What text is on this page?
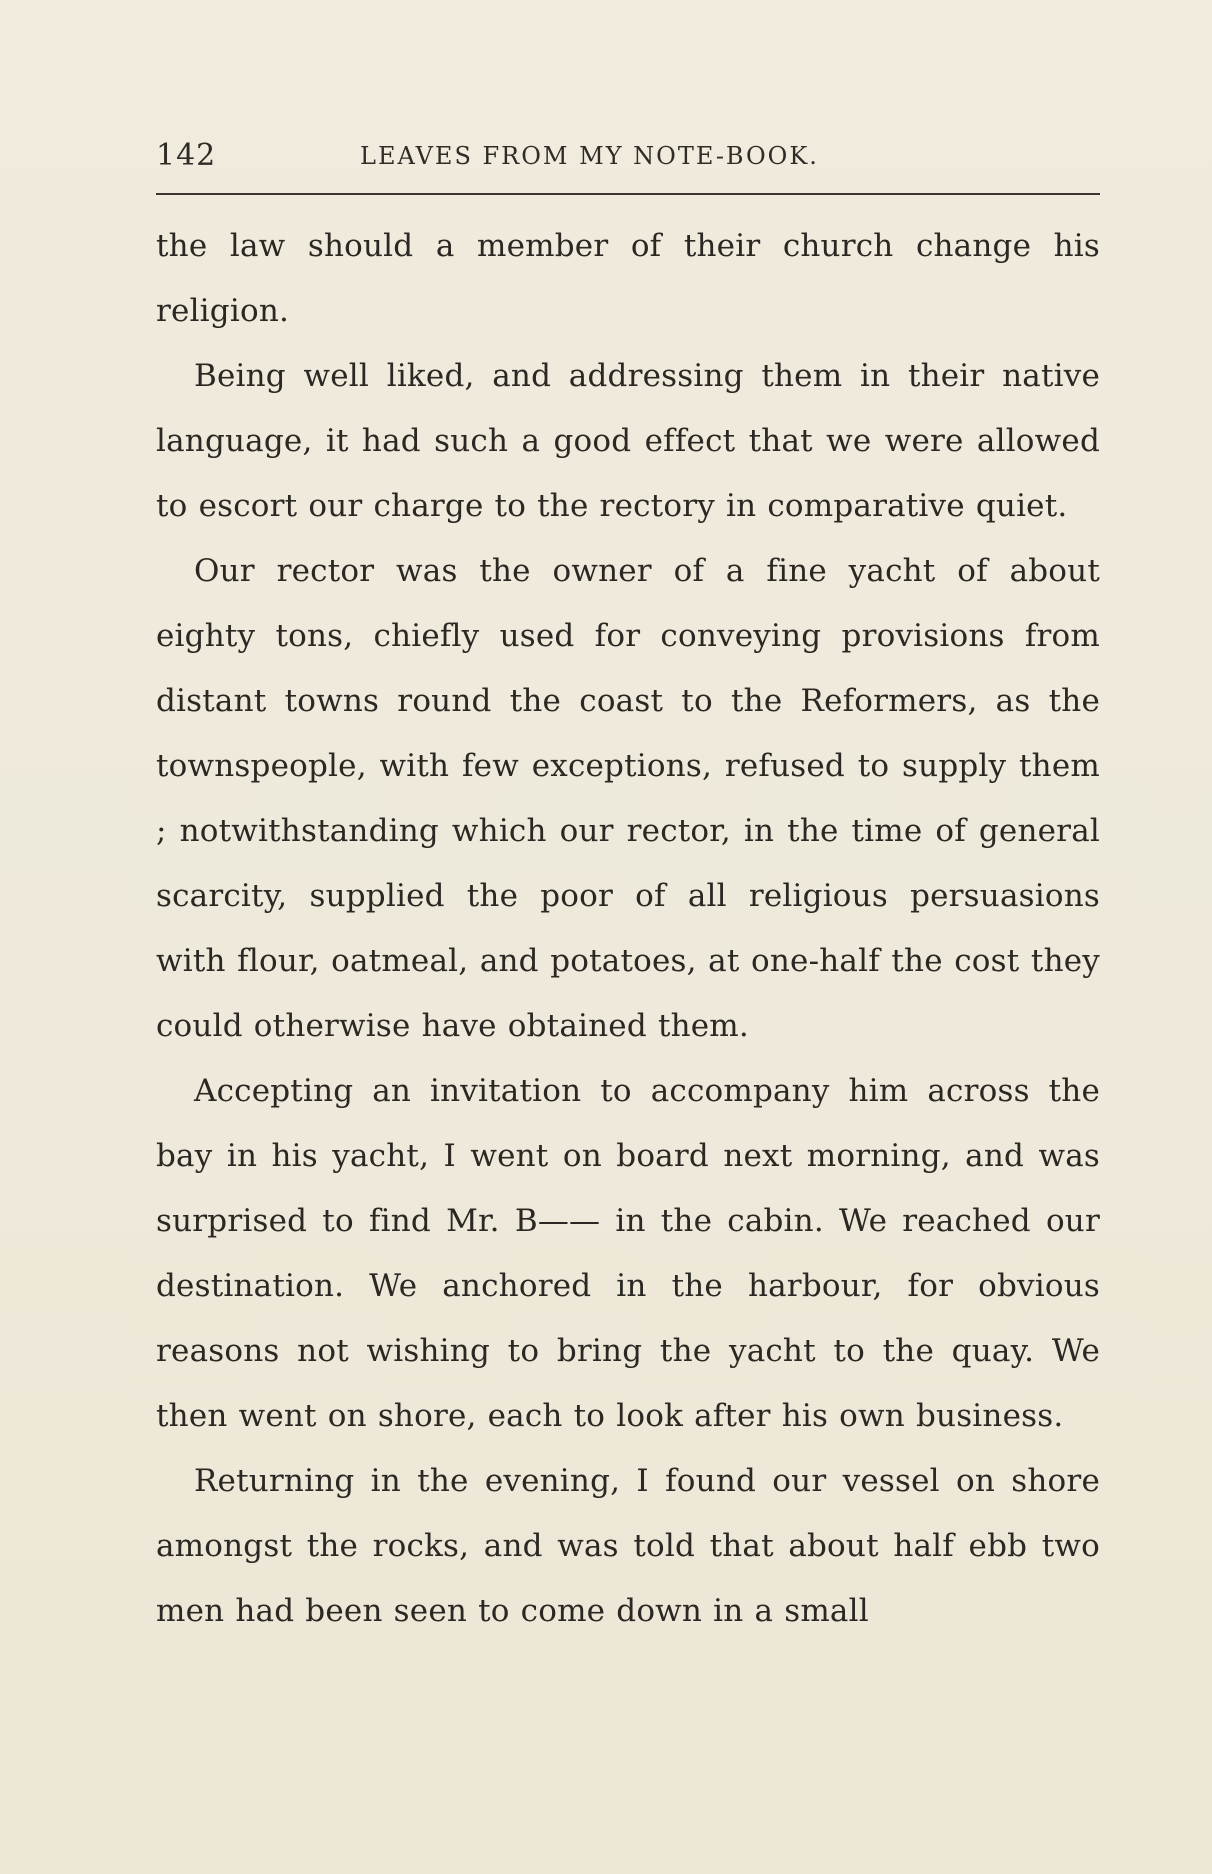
142	LEAVES FROM MY NOTE-BOOK.

the law should a member of their church change his religion.

Being well liked, and addressing them in their native language, it had such a good effect that we were allowed to escort our charge to the rectory in comparative quiet.

Our rector was the owner of a fine yacht of about eighty tons, chiefly used for conveying provisions from distant towns round the coast to the Reformers, as the townspeople, with few exceptions, refused to supply them ; notwithstanding which our rector, in the time of general scarcity, supplied the poor of all religious persuasions with flour, oatmeal, and potatoes, at one-half the cost they could otherwise have obtained them.

Accepting an invitation to accompany him across the bay in his yacht, I went on board next morning, and was surprised to find Mr. B—— in the cabin. We reached our destination. We anchored in the harbour, for obvious reasons not wishing to bring the yacht to the quay. We then went on shore, each to look after his own business.

Returning in the evening, I found our vessel on shore amongst the rocks, and was told that about half ebb two men had been seen to come down in a small
